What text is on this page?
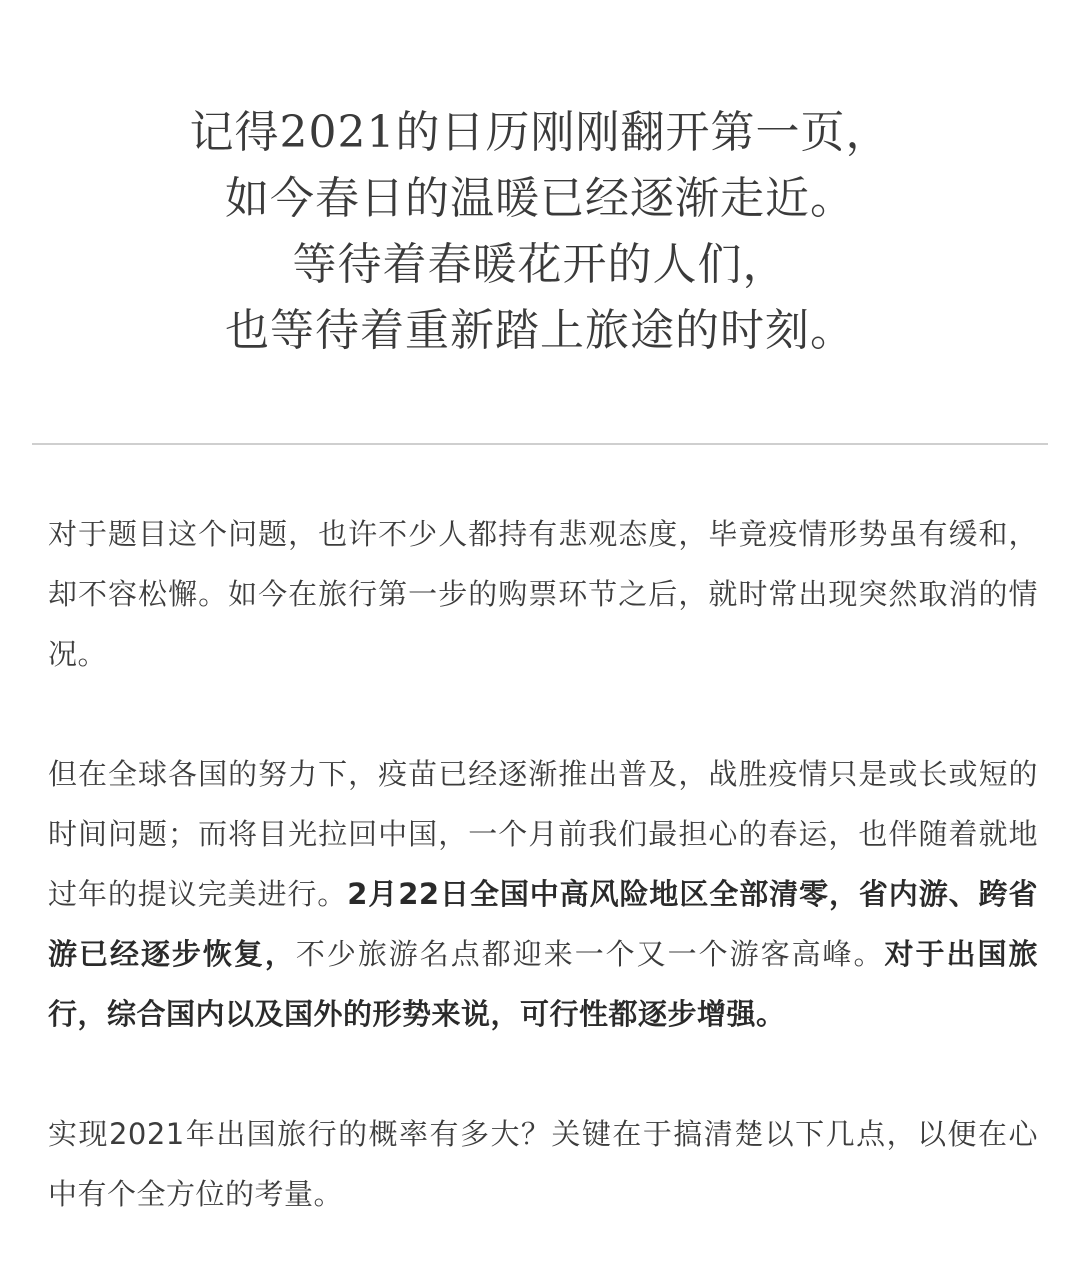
记得2021的日历刚刚翻开第一页，
如今春日的温暖已经逐渐走近。
等待着春暖花开的人们，
也等待着重新踏上旅途的时刻。

对于题目这个问题，也许不少人都持有悲观态度，毕竟疫情形势虽有缓和，却不容松懈。如今在旅行第一步的购票环节之后，就时常出现突然取消的情况。

但在全球各国的努力下，疫苗已经逐渐推出普及，战胜疫情只是或长或短的时间问题；而将目光拉回中国，一个月前我们最担心的春运，也伴随着就地过年的提议完美进行。2月22日全国中高风险地区全部清零，省内游、跨省游已经逐步恢复，不少旅游名点都迎来一个又一个游客高峰。对于出国旅行，综合国内以及国外的形势来说，可行性都逐步增强。

实现2021年出国旅行的概率有多大？关键在于搞清楚以下几点，以便在心中有个全方位的考量。
